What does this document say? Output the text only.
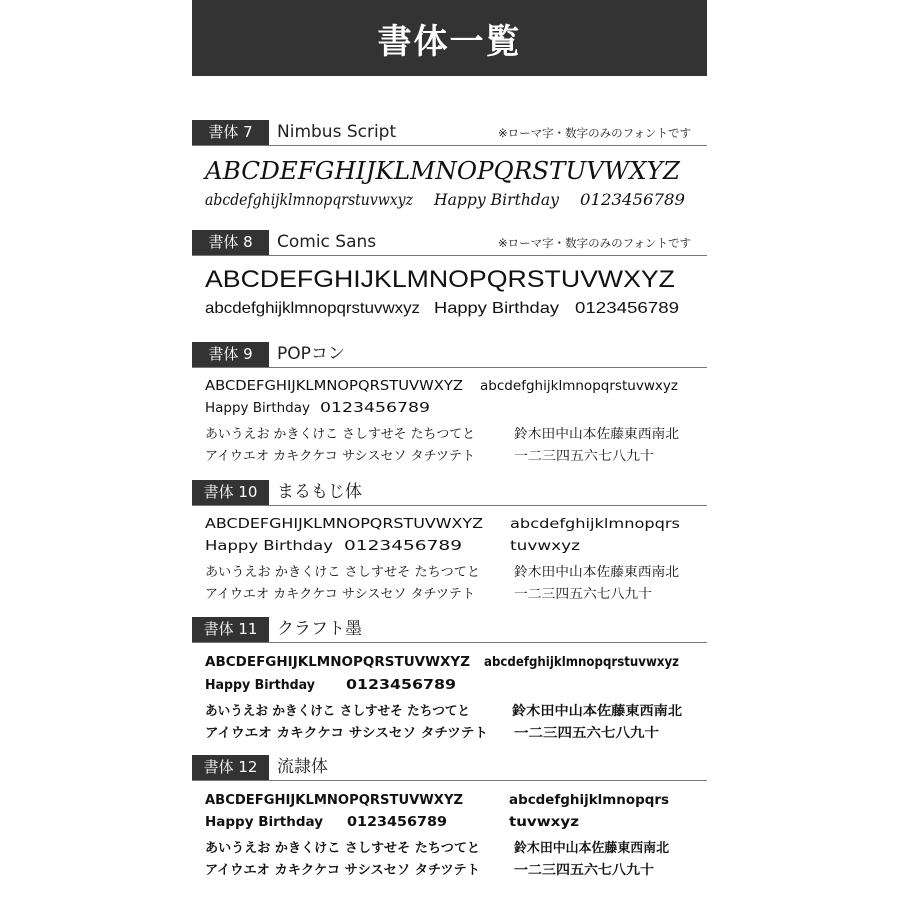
書体一覧
書体 7	Nimbus Script	※ローマ字・数字のみのフォントです
ABCDEFGHIJKLMNOPQRSTUVWXYZ
abcdefghijklmnopqrstuvwxyz Happy Birthday 0123456789
書体 8	Comic Sans	※ローマ字・数字のみのフォントです
ABCDEFGHIJKLMNOPQRSTUVWXYZ
abcdefghijklmnopqrstuvwxyz Happy Birthday 0123456789
書体 9	POPコン
ABCDEFGHIJKLMNOPQRSTUVWXYZ abcdefghijklmnopqrstuvwxyz
Happy Birthday 0123456789
あいうえお かきくけこ さしすせそ たちつてと	鈴木田中山本佐藤東西南北
アイウエオ カキクケコ サシスセソ タチツテト	一二三四五六七八九十
書体 10	まるもじ体
ABCDEFGHIJKLMNOPQRSTUVWXYZ abcdefghijklmnopqrs
Happy Birthday 0123456789	tuvwxyz
あいうえお かきくけこ さしすせそ たちつてと	鈴木田中山本佐藤東西南北
アイウエオ カキクケコ サシスセソ タチツテト	一二三四五六七八九十
書体 11	クラフト墨
ABCDEFGHIJKLMNOPQRSTUVWXYZ abcdefghijklmnopqrstuvwxyz
Happy Birthday 0123456789
あいうえお かきくけこ さしすせそ たちつてと	鈴木田中山本佐藤東西南北
アイウエオ カキクケコ サシスセソ タチツテト 一二三四五六七八九十
書体 12	流隷体
ABCDEFGHIJKLMNOPQRSTUVWXYZ	abcdefghijklmnopqrs
Happy Birthday 0123456789	tuvwxyz
あいうえお かきくけこ さしすせそ たちつてと	鈴木田中山本佐藤東西南北
アイウエオ カキクケコ サシスセソ タチツテト	一二三四五六七八九十
